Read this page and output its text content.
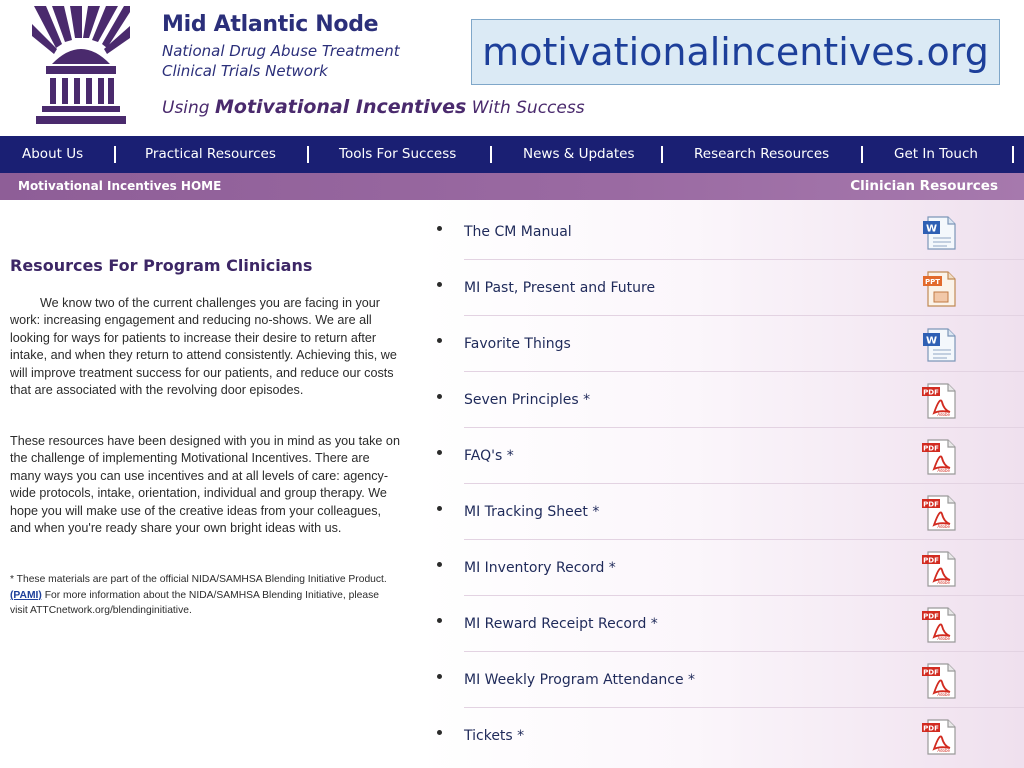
Mid Atlantic Node
National Drug Abuse Treatment
Clinical Trials Network
Using Motivational Incentives With Success
motivationalincentives.org
About Us	Practical Resources	Tools For Success	News & Updates	Research Resources	Get In Touch
Motivational Incentives HOME	Clinician Resources
Resources For Program Clinicians

We know two of the current challenges you are facing in your work: increasing engagement and reducing no-shows. We are all looking for ways for patients to increase their desire to return after intake, and when they return to attend consistently. Achieving this, we will improve treatment success for our patients, and reduce our costs that are associated with the revolving door episodes.

These resources have been designed with you in mind as you take on the challenge of implementing Motivational Incentives. There are many ways you can use incentives and at all levels of care: agency-wide protocols, intake, orientation, individual and group therapy. We hope you will make use of the creative ideas from your colleagues, and when you're ready share your own bright ideas with us.

* These materials are part of the official NIDA/SAMHSA Blending Initiative Product.(PAMI) For more information about the NIDA/SAMHSA Blending Initiative, please visit ATTCnetwork.org/blendinginitiative.

The CM Manual	W
MI Past, Present and Future	PPT
Favorite Things	W
Seven Principles *	PDF
Adobe
FAQ's *	PDF
Adobe
MI Tracking Sheet *	PDF
Adobe
MI Inventory Record *	PDF
Adobe
MI Reward Receipt Record *	PDF
Adobe
MI Weekly Program Attendance *	PDF
Adobe
Tickets *	PDF
Adobe
